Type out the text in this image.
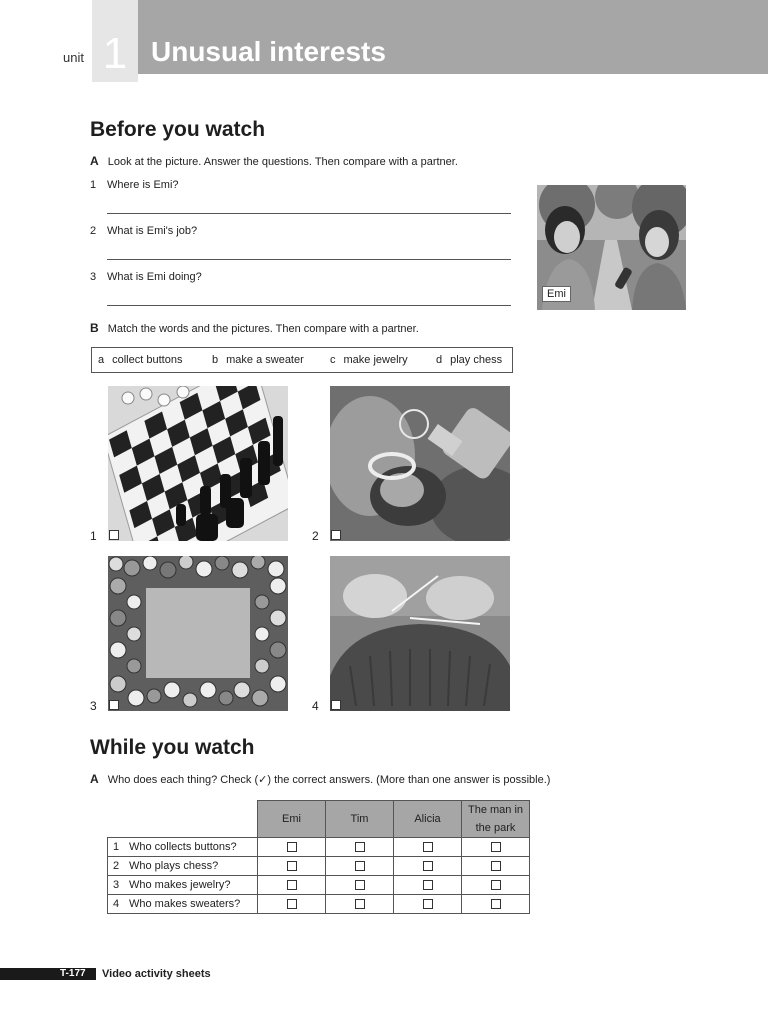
1
unit Unusual interests
Before you watch
A Look at the picture. Answer the questions. Then compare with a partner.
1 Where is Emi?
2 What is Emi's job?
3 What is Emi doing?
Emi
B Match the words and the pictures. Then compare with a partner.
a collect buttons	b make a sweater c make jewelry	d play chess
1	2
3	4
While you watch
A Who does each thing? Check (✓) the correct answers. (More than one answer is possible.)
	Emi	Tim	Alicia	The man in the park
1 Who collects buttons?				
2 Who plays chess?				
3 Who makes jewelry?				
4 Who makes sweaters?				
T-177 Video activity sheets
